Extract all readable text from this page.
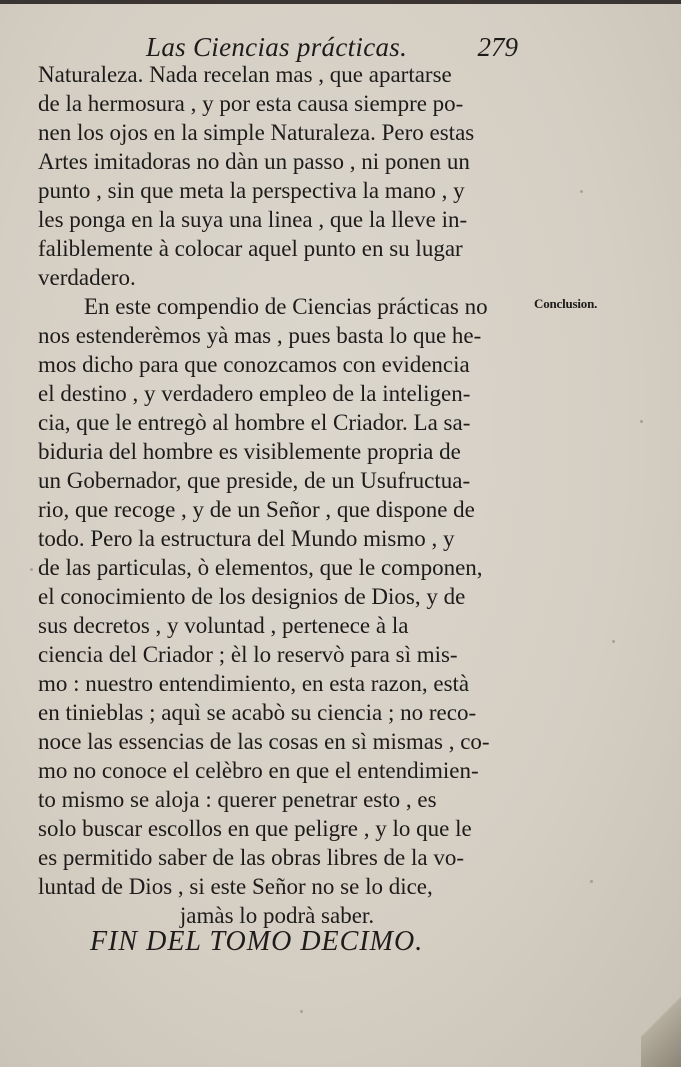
Las Ciencias prácticas.	279
Naturaleza. Nada recelan mas , que apartarse
de la hermosura , y por esta causa siempre po-
nen los ojos en la simple Naturaleza. Pero estas
Artes imitadoras no dàn un passo , ni ponen un
punto , sin que meta la perspectiva la mano , y
les ponga en la suya una linea , que la lleve in-
faliblemente à colocar aquel punto en su lugar
verdadero.
En este compendio de Ciencias prácticas no
nos estenderèmos yà mas , pues basta lo que he-
mos dicho para que conozcamos con evidencia
el destino , y verdadero empleo de la inteligen-
cia, que le entregò al hombre el Criador. La sa-
biduria del hombre es visiblemente propria de
un Gobernador, que preside, de un Usufructua-
rio, que recoge , y de un Señor , que dispone de
todo. Pero la estructura del Mundo mismo , y
de las particulas, ò elementos, que le componen,
el conocimiento de los designios de Dios, y de
sus decretos , y voluntad , pertenece à la
ciencia del Criador ; èl lo reservò para sì mis-
mo : nuestro entendimiento, en esta razon, està
en tinieblas ; aquì se acabò su ciencia ; no reco-
noce las essencias de las cosas en sì mismas , co-
mo no conoce el celèbro en que el entendimien-
to mismo se aloja : querer penetrar esto , es
solo buscar escollos en que peligre , y lo que le
es permitido saber de las obras libres de la vo-
luntad de Dios , si este Señor no se lo dice,
jamàs lo podrà saber.
Conclusion.
FIN DEL TOMO DECIMO.
